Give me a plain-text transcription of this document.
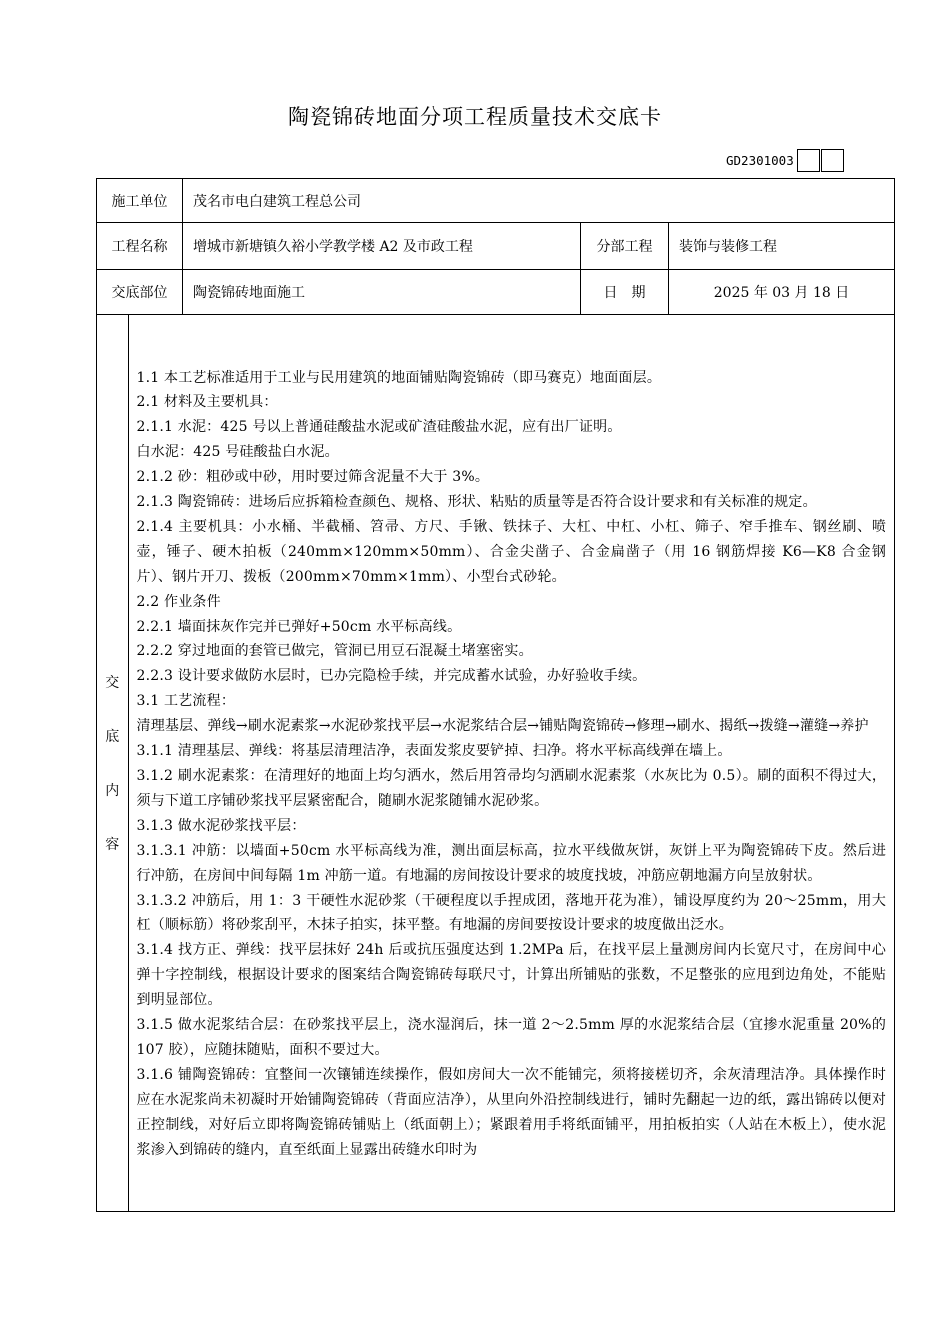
陶瓷锦砖地面分项工程质量技术交底卡
GD2301003
施工单位	茂名市电白建筑工程总公司
工程名称	增城市新塘镇久裕小学教学楼 A2 及市政工程	分部工程	装饰与装修工程
交底部位	陶瓷锦砖地面施工	日　期	2025 年 03 月 18 日

交
底
内
容

1.1 本工艺标准适用于工业与民用建筑的地面铺贴陶瓷锦砖（即马赛克）地面面层。

2.1 材料及主要机具：

2.1.1 水泥：425 号以上普通硅酸盐水泥或矿渣硅酸盐水泥，应有出厂证明。

白水泥：425 号硅酸盐白水泥。

2.1.2 砂：粗砂或中砂，用时要过筛含泥量不大于 3%。

2.1.3 陶瓷锦砖：进场后应拆箱检查颜色、规格、形状、粘贴的质量等是否符合设计要求和有关标准的规定。

2.1.4 主要机具：小水桶、半截桶、笤帚、方尺、手锹、铁抹子、大杠、中杠、小杠、筛子、窄手推车、钢丝刷、喷壶，锤子、硬木拍板（240mm×120mm×50mm）、合金尖凿子、合金扁凿子（用 16 钢筋焊接 K6—K8 合金钢片）、钢片开刀、拨板（200mm×70mm×1mm）、小型台式砂轮。

2.2 作业条件

2.2.1 墙面抹灰作完并已弹好+50cm 水平标高线。

2.2.2 穿过地面的套管已做完，管洞已用豆石混凝土堵塞密实。

2.2.3 设计要求做防水层时，已办完隐检手续，并完成蓄水试验，办好验收手续。

3.1 工艺流程：

清理基层、弹线→刷水泥素浆→水泥砂浆找平层→水泥浆结合层→铺贴陶瓷锦砖→修理→刷水、揭纸→拨缝→灌缝→养护

3.1.1 清理基层、弹线：将基层清理洁净，表面发浆皮要铲掉、扫净。将水平标高线弹在墙上。

3.1.2 刷水泥素浆：在清理好的地面上均匀洒水，然后用笤帚均匀洒刷水泥素浆（水灰比为 0.5）。刷的面积不得过大，须与下道工序铺砂浆找平层紧密配合，随刷水泥浆随铺水泥砂浆。

3.1.3 做水泥砂浆找平层：

3.1.3.1 冲筋：以墙面+50cm 水平标高线为准，测出面层标高，拉水平线做灰饼，灰饼上平为陶瓷锦砖下皮。然后进行冲筋，在房间中间每隔 1m 冲筋一道。有地漏的房间按设计要求的坡度找坡，冲筋应朝地漏方向呈放射状。

3.1.3.2 冲筋后，用 1：3 干硬性水泥砂浆（干硬程度以手捏成团，落地开花为准），铺设厚度约为 20～25mm，用大杠（顺标筋）将砂浆刮平，木抹子拍实，抹平整。有地漏的房间要按设计要求的坡度做出泛水。

3.1.4 找方正、弹线：找平层抹好 24h 后或抗压强度达到 1.2MPa 后，在找平层上量测房间内长宽尺寸，在房间中心弹十字控制线，根据设计要求的图案结合陶瓷锦砖每联尺寸，计算出所铺贴的张数，不足整张的应甩到边角处，不能贴到明显部位。

3.1.5 做水泥浆结合层：在砂浆找平层上，浇水湿润后，抹一道 2～2.5mm 厚的水泥浆结合层（宜掺水泥重量 20%的 107 胶），应随抹随贴，面积不要过大。

3.1.6 铺陶瓷锦砖：宜整间一次镶铺连续操作，假如房间大一次不能铺完，须将接槎切齐，余灰清理洁净。具体操作时应在水泥浆尚未初凝时开始铺陶瓷锦砖（背面应洁净），从里向外沿控制线进行，铺时先翻起一边的纸，露出锦砖以便对正控制线，对好后立即将陶瓷锦砖铺贴上（纸面朝上）；紧跟着用手将纸面铺平，用拍板拍实（人站在木板上），使水泥浆渗入到锦砖的缝内，直至纸面上显露出砖缝水印时为
